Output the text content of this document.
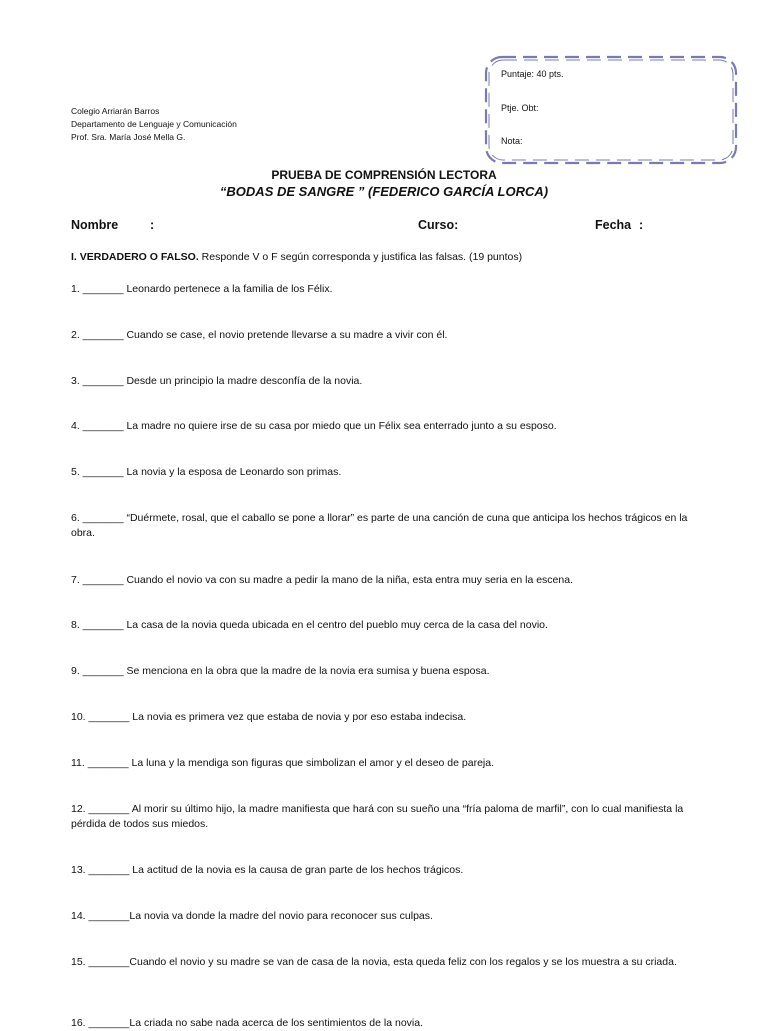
Colegio Arriarán Barros
Departamento de Lenguaje y Comunicación
Prof. Sra. María José Mella G.
Puntaje: 40 pts.
Ptje. Obt:
Nota:
PRUEBA DE COMPRENSIÓN LECTORA
“BODAS DE SANGRE ” (FEDERICO GARCÍA LORCA)
Nombre	:	Curso:	Fecha :
I. VERDADERO O FALSO. Responde V o F según corresponda y justifica las falsas. (19 puntos)
1. _______ Leonardo pertenece a la familia de los Félix.
2. _______ Cuando se case, el novio pretende llevarse a su madre a vivir con él.
3. _______ Desde un principio la madre desconfía de la novia.
4. _______ La madre no quiere irse de su casa por miedo que un Félix sea enterrado junto a su esposo.
5. _______ La novia y la esposa de Leonardo son primas.
6. _______ “Duérmete, rosal, que el caballo se pone a llorar” es parte de una canción de cuna que anticipa los hechos trágicos en la obra.
7. _______ Cuando el novio va con su madre a pedir la mano de la niña, esta entra muy seria en la escena.
8. _______ La casa de la novia queda ubicada en el centro del pueblo muy cerca de la casa del novio.
9. _______ Se menciona en la obra que la madre de la novia era sumisa y buena esposa.
10. _______ La novia es primera vez que estaba de novia y por eso estaba indecisa.
11. _______ La luna y la mendiga son figuras que simbolizan el amor y el deseo de pareja.
12. _______ Al morir su último hijo, la madre manifiesta que hará con su sueño una “fría paloma de marfil”, con lo cual manifiesta la pérdida de todos sus miedos.
13. _______ La actitud de la novia es la causa de gran parte de los hechos trágicos.
14. _______La novia va donde la madre del novio para reconocer sus culpas.
15. _______Cuando el novio y su madre se van de casa de la novia, esta queda feliz con los regalos y se los muestra a su criada.
16. _______La criada no sabe nada acerca de los sentimientos de la novia.
